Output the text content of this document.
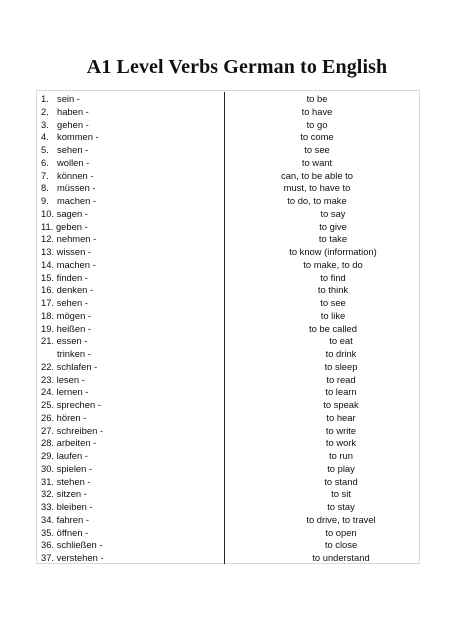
A1 Level Verbs German to English
1. sein -	to be
2. haben -	to have
3. gehen -	to go
4. kommen -	to come
5. sehen -	to see
6. wollen -	to want
7. können -	can, to be able to
8. müssen -	must, to have to
9. machen -	to do, to make
10. sagen -	to say
11. geben -	to give
12. nehmen -	to take
13. wissen -	to know (information)
14. machen -	to make, to do
15. finden -	to find
16. denken -	to think
17. sehen -	to see
18. mögen -	to like
19. heißen -	to be called
21. essen -	to eat
trinken -	to drink
22. schlafen -	to sleep
23. lesen -	to read
24. lernen -	to learn
25. sprechen -	to speak
26. hören -	to hear
27. schreiben -	to write
28. arbeiten -	to work
29. laufen -	to run
30. spielen -	to play
31. stehen -	to stand
32. sitzen -	to sit
33. bleiben -	to stay
34. fahren -	to drive, to travel
35. öffnen -	to open
36. schließen -	to close
37. verstehen -	to understand
